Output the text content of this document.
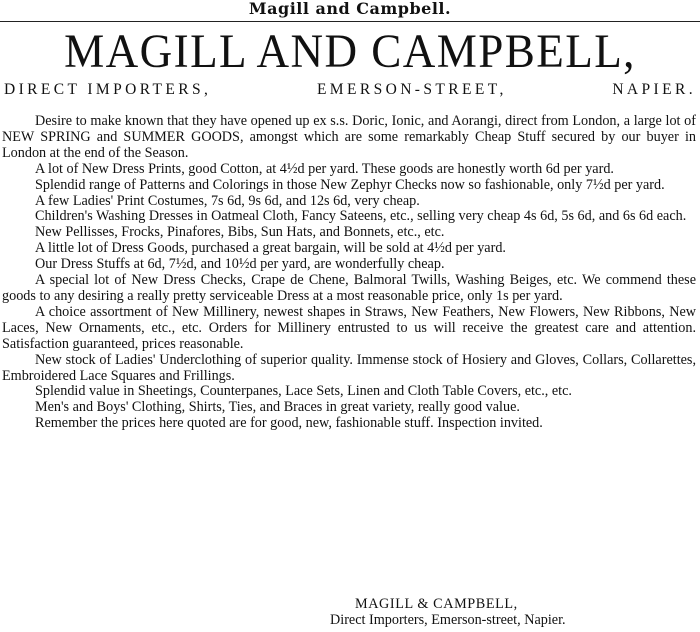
Magill and Campbell.
MAGILL AND CAMPBELL,
DIRECT IMPORTERS,	EMERSON-STREET,	NAPIER.

Desire to make known that they have opened up ex s.s. Doric, Ionic, and Aorangi, direct from London, a large lot of NEW SPRING and SUMMER GOODS, amongst which are some remarkably Cheap Stuff secured by our buyer in London at the end of the Season.

A lot of New Dress Prints, good Cotton, at 4½d per yard. These goods are honestly worth 6d per yard.

Splendid range of Patterns and Colorings in those New Zephyr Checks now so fashionable, only 7½d per yard.

A few Ladies' Print Costumes, 7s 6d, 9s 6d, and 12s 6d, very cheap.

Children's Washing Dresses in Oatmeal Cloth, Fancy Sateens, etc., selling very cheap 4s 6d, 5s 6d, and 6s 6d each.

New Pellisses, Frocks, Pinafores, Bibs, Sun Hats, and Bonnets, etc., etc.

A little lot of Dress Goods, purchased a great bargain, will be sold at 4½d per yard.

Our Dress Stuffs at 6d, 7½d, and 10½d per yard, are wonderfully cheap.

A special lot of New Dress Checks, Crape de Chene, Balmoral Twills, Washing Beiges, etc. We commend these goods to any desiring a really pretty serviceable Dress at a most reasonable price, only 1s per yard.

A choice assortment of New Millinery, newest shapes in Straws, New Feathers, New Flowers, New Ribbons, New Laces, New Ornaments, etc., etc. Orders for Millinery entrusted to us will receive the greatest care and attention. Satisfaction guaranteed, prices reasonable.

New stock of Ladies' Underclothing of superior quality. Immense stock of Hosiery and Gloves, Collars, Collarettes, Embroidered Lace Squares and Frillings.

Splendid value in Sheetings, Counterpanes, Lace Sets, Linen and Cloth Table Covers, etc., etc.

Men's and Boys' Clothing, Shirts, Ties, and Braces in great variety, really good value.

Remember the prices here quoted are for good, new, fashionable stuff. Inspection invited.

MAGILL & CAMPBELL,
Direct Importers, Emerson-street, Napier.
